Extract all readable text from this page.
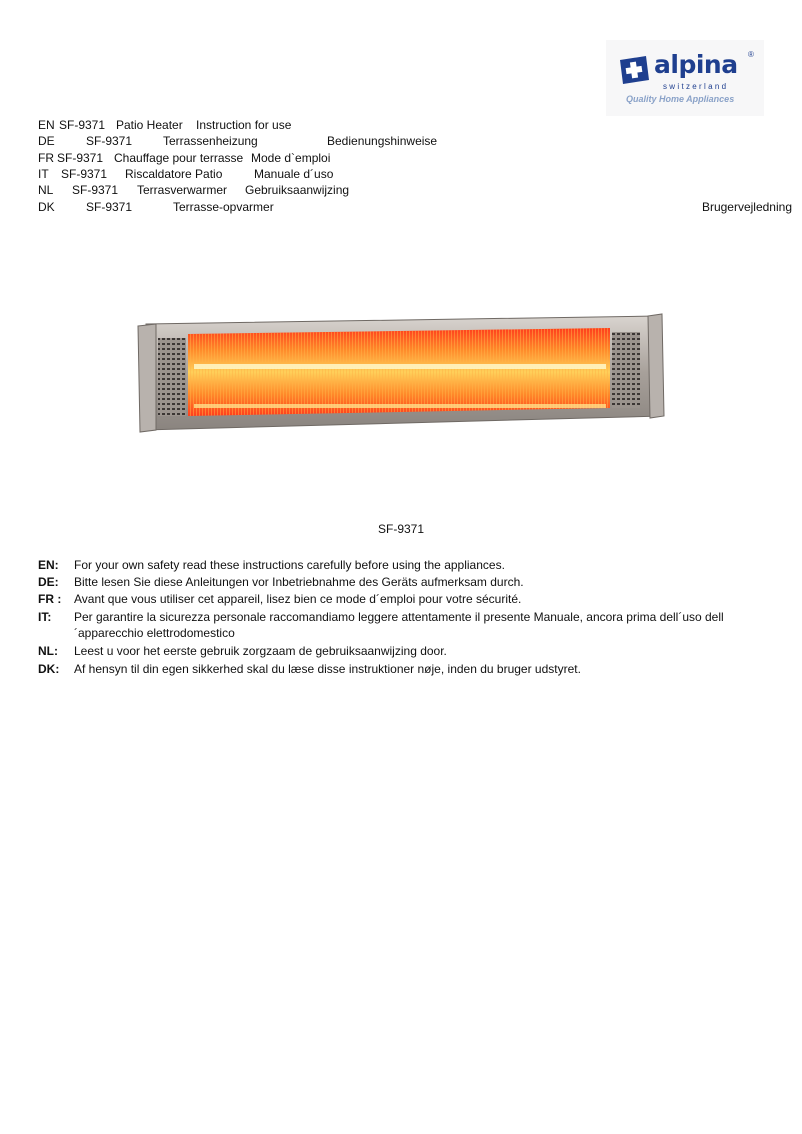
alpina ®
switzerland
Quality Home Appliances
EN SF-9371 Patio Heater Instruction for use
DE	SF-9371	Terrassenheizung	Bedienungshinweise
FR SF-9371 Chauffage pour terrasse Mode d`emploi
IT SF-9371 Riscaldatore Patio	Manuale d´uso
NL SF-9371 Terrasverwarmer Gebruiksaanwijzing
DK	SF-9371	Terrasse-opvarmer	Brugervejledning
SF-9371
EN: For your own safety read these instructions carefully before using the appliances.
DE: Bitte lesen Sie diese Anleitungen vor Inbetriebnahme des Geräts aufmerksam durch.
FR : Avant que vous utiliser cet appareil, lisez bien ce mode d´emploi pour votre sécurité.
IT: Per garantire la sicurezza personale raccomandiamo leggere attentamente il presente Manuale, ancora prima dell´uso dell´apparecchio elettrodomestico
NL: Leest u voor het eerste gebruik zorgzaam de gebruiksaanwijzing door.
DK: Af hensyn til din egen sikkerhed skal du læse disse instruktioner nøje, inden du bruger udstyret.
